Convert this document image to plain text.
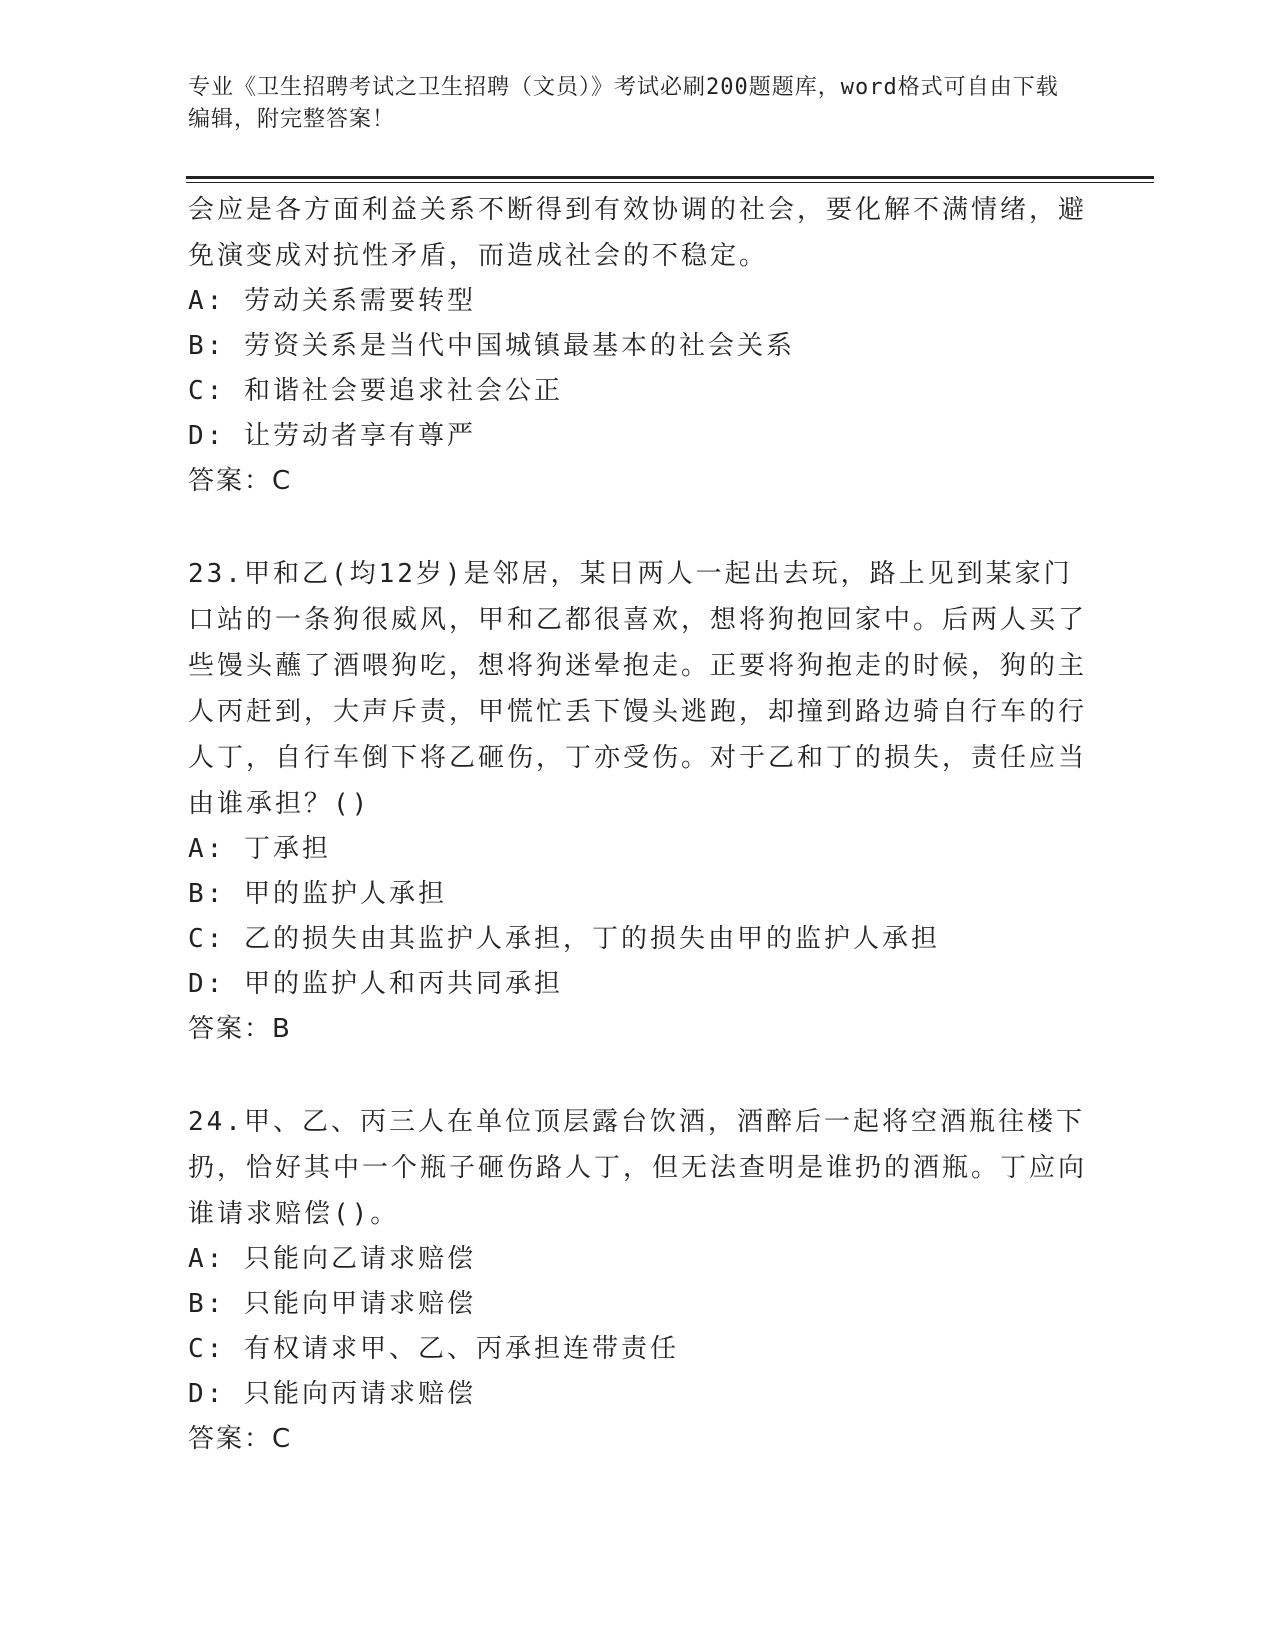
专业《卫生招聘考试之卫生招聘（文员）》考试必刷200题题库，word格式可自由下载编辑，附完整答案！

会应是各方面利益关系不断得到有效协调的社会，要化解不满情绪，避免演变成对抗性矛盾，而造成社会的不稳定。

A: 劳动关系需要转型

B: 劳资关系是当代中国城镇最基本的社会关系

C: 和谐社会要追求社会公正

D: 让劳动者享有尊严

答案：C

23.甲和乙(均12岁)是邻居，某日两人一起出去玩，路上见到某家门口站的一条狗很威风，甲和乙都很喜欢，想将狗抱回家中。后两人买了些馒头蘸了酒喂狗吃，想将狗迷晕抱走。正要将狗抱走的时候，狗的主人丙赶到，大声斥责，甲慌忙丢下馒头逃跑，却撞到路边骑自行车的行人丁，自行车倒下将乙砸伤，丁亦受伤。对于乙和丁的损失，责任应当由谁承担？()

A: 丁承担

B: 甲的监护人承担

C: 乙的损失由其监护人承担，丁的损失由甲的监护人承担

D: 甲的监护人和丙共同承担

答案：B

24.甲、乙、丙三人在单位顶层露台饮酒，酒醉后一起将空酒瓶往楼下扔，恰好其中一个瓶子砸伤路人丁，但无法查明是谁扔的酒瓶。丁应向谁请求赔偿()。

A: 只能向乙请求赔偿

B: 只能向甲请求赔偿

C: 有权请求甲、乙、丙承担连带责任

D: 只能向丙请求赔偿

答案：C
